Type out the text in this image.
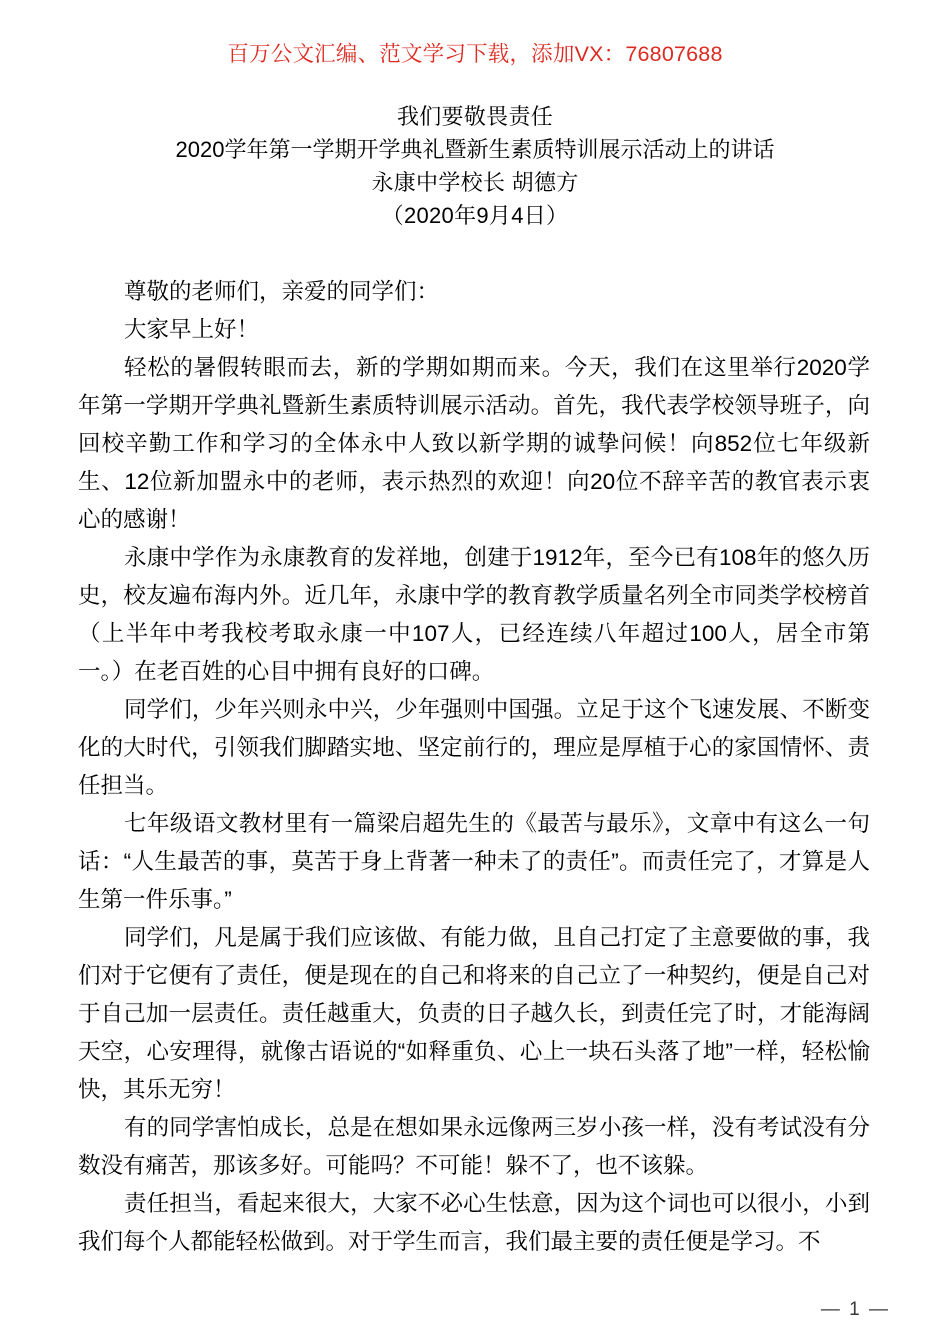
百万公文汇编、范文学习下载，添加VX：76807688
我们要敬畏责任
2020学年第一学期开学典礼暨新生素质特训展示活动上的讲话
永康中学校长 胡德方
（2020年9月4日）

尊敬的老师们，亲爱的同学们：

大家早上好！

轻松的暑假转眼而去，新的学期如期而来。今天，我们在这里举行2020学年第一学期开学典礼暨新生素质特训展示活动。首先，我代表学校领导班子，向回校辛勤工作和学习的全体永中人致以新学期的诚挚问候！向852位七年级新生、12位新加盟永中的老师，表示热烈的欢迎！向20位不辞辛苦的教官表示衷心的感谢！

永康中学作为永康教育的发祥地，创建于1912年，至今已有108年的悠久历史，校友遍布海内外。近几年，永康中学的教育教学质量名列全市同类学校榜首（上半年中考我校考取永康一中107人，已经连续八年超过100人，居全市第一。）在老百姓的心目中拥有良好的口碑。

同学们，少年兴则永中兴，少年强则中国强。立足于这个飞速发展、不断变化的大时代，引领我们脚踏实地、坚定前行的，理应是厚植于心的家国情怀、责任担当。

七年级语文教材里有一篇梁启超先生的《最苦与最乐》，文章中有这么一句话：“人生最苦的事，莫苦于身上背著一种未了的责任”。而责任完了，才算是人生第一件乐事。”

同学们，凡是属于我们应该做、有能力做，且自己打定了主意要做的事，我们对于它便有了责任，便是现在的自己和将来的自己立了一种契约，便是自己对于自己加一层责任。责任越重大，负责的日子越久长，到责任完了时，才能海阔天空，心安理得，就像古语说的“如释重负、心上一块石头落了地”一样，轻松愉快，其乐无穷！

有的同学害怕成长，总是在想如果永远像两三岁小孩一样，没有考试没有分数没有痛苦，那该多好。可能吗？不可能！躲不了，也不该躲。

责任担当，看起来很大，大家不必心生怯意，因为这个词也可以很小，小到我们每个人都能轻松做到。对于学生而言，我们最主要的责任便是学习。不

— 1 —
